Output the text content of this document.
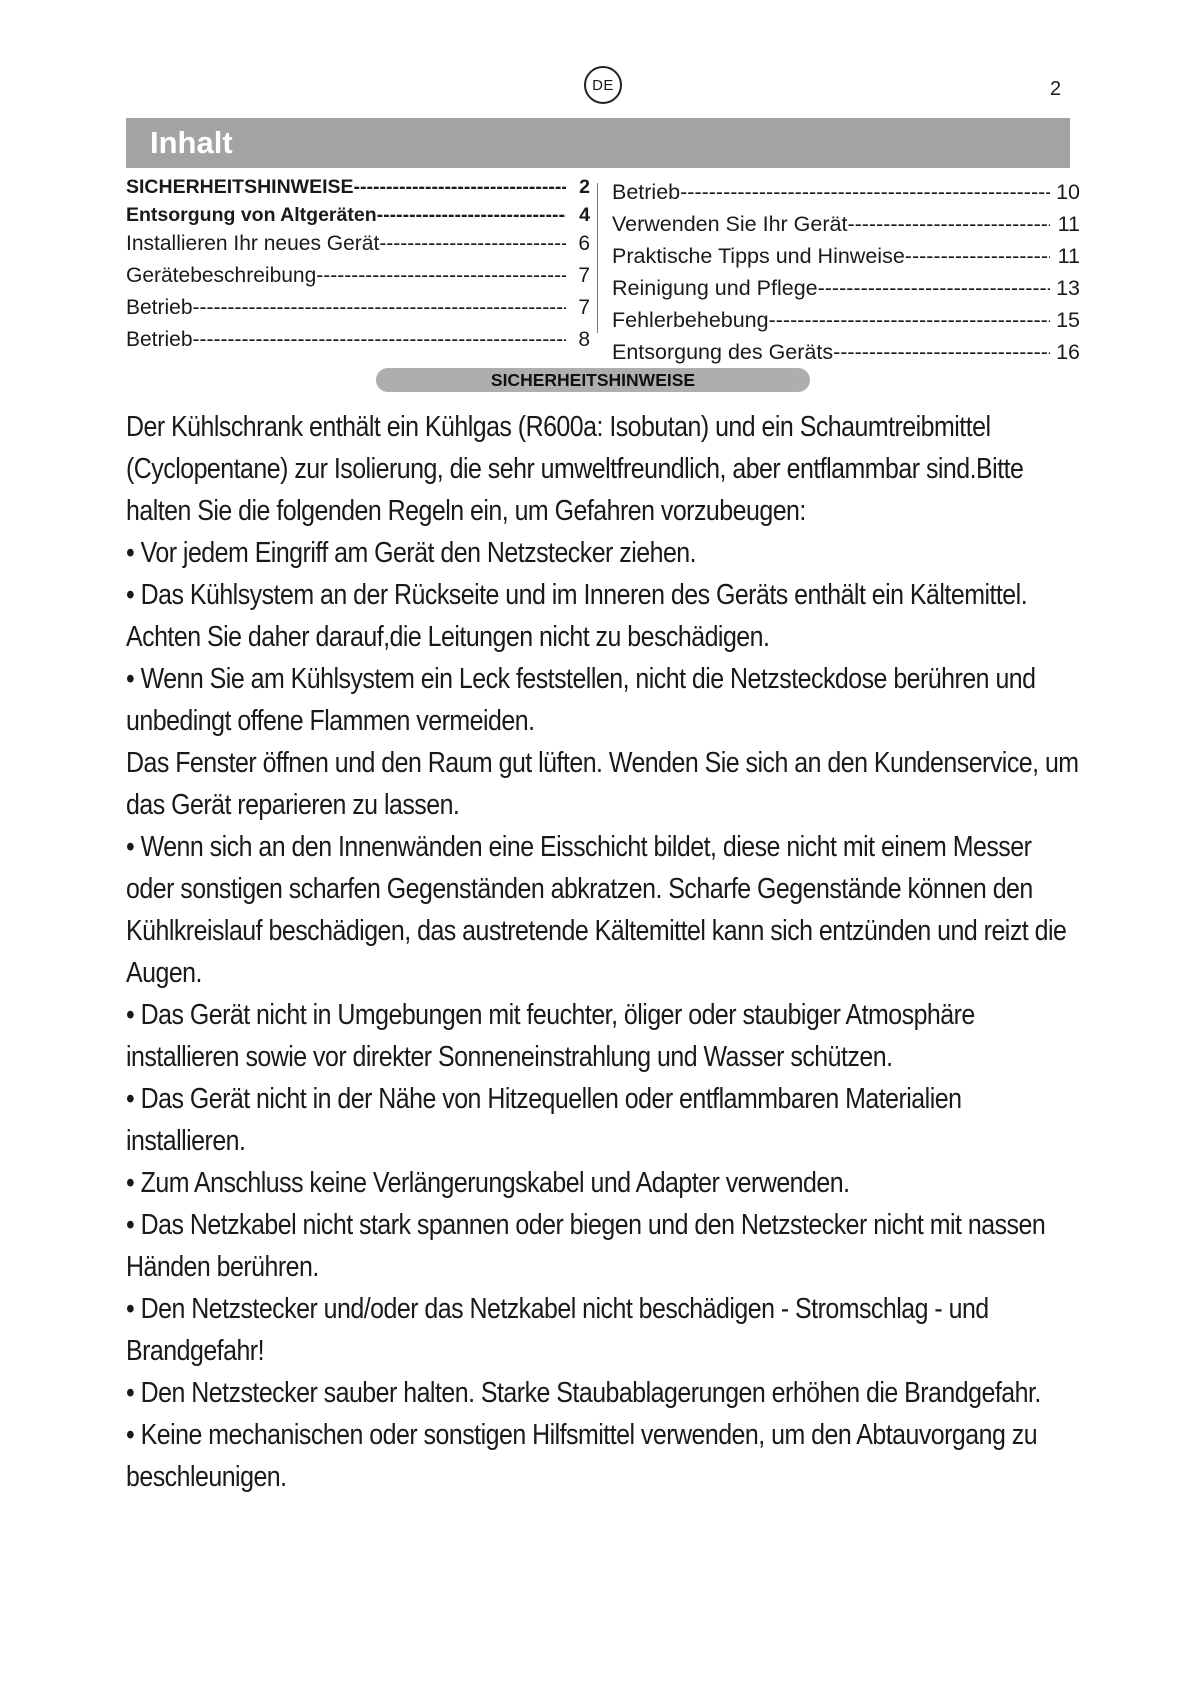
DE	2
Inhalt
SICHERHEITSHINWEISE -----	2
Entsorgung von Altgeräten -----	4
Installieren Ihr neues Gerät -----	6
Gerätebeschreibung -----	7
Betrieb -----	7
Betrieb -----	8
Betrieb -----	10
Verwenden Sie Ihr Gerät -----	11
Praktische Tipps und Hinweise -----	11
Reinigung und Pflege -----	13
Fehlerbehebung -----	15
Entsorgung des Geräts -----	16
SICHERHEITSHINWEISE

Der Kühlschrank enthält ein Kühlgas (R600a: Isobutan) und ein Schaumtreibmittel (Cyclopentane) zur Isolierung, die sehr umweltfreundlich, aber entflammbar sind.Bitte halten Sie die folgenden Regeln ein, um Gefahren vorzubeugen:

• Vor jedem Eingriff am Gerät den Netzstecker ziehen.

• Das Kühlsystem an der Rückseite und im Inneren des Geräts enthält ein Kältemittel. Achten Sie daher darauf,die Leitungen nicht zu beschädigen.

• Wenn Sie am Kühlsystem ein Leck feststellen, nicht die Netzsteckdose berühren und unbedingt offene Flammen vermeiden.

Das Fenster öffnen und den Raum gut lüften. Wenden Sie sich an den Kundenservice, um das Gerät reparieren zu lassen.

• Wenn sich an den Innenwänden eine Eisschicht bildet, diese nicht mit einem Messer oder sonstigen scharfen Gegenständen abkratzen. Scharfe Gegenstände können den Kühlkreislauf beschädigen, das austretende Kältemittel kann sich entzünden und reizt die Augen.

• Das Gerät nicht in Umgebungen mit feuchter, öliger oder staubiger Atmosphäre installieren sowie vor direkter Sonneneinstrahlung und Wasser schützen.

• Das Gerät nicht in der Nähe von Hitzequellen oder entflammbaren Materialien installieren.

• Zum Anschluss keine Verlängerungskabel und Adapter verwenden.

• Das Netzkabel nicht stark spannen oder biegen und den Netzstecker nicht mit nassen Händen berühren.

• Den Netzstecker und/oder das Netzkabel nicht beschädigen - Stromschlag - und Brandgefahr!

• Den Netzstecker sauber halten. Starke Staubablagerungen erhöhen die Brandgefahr.

• Keine mechanischen oder sonstigen Hilfsmittel verwenden, um den Abtauvorgang zu beschleunigen.
